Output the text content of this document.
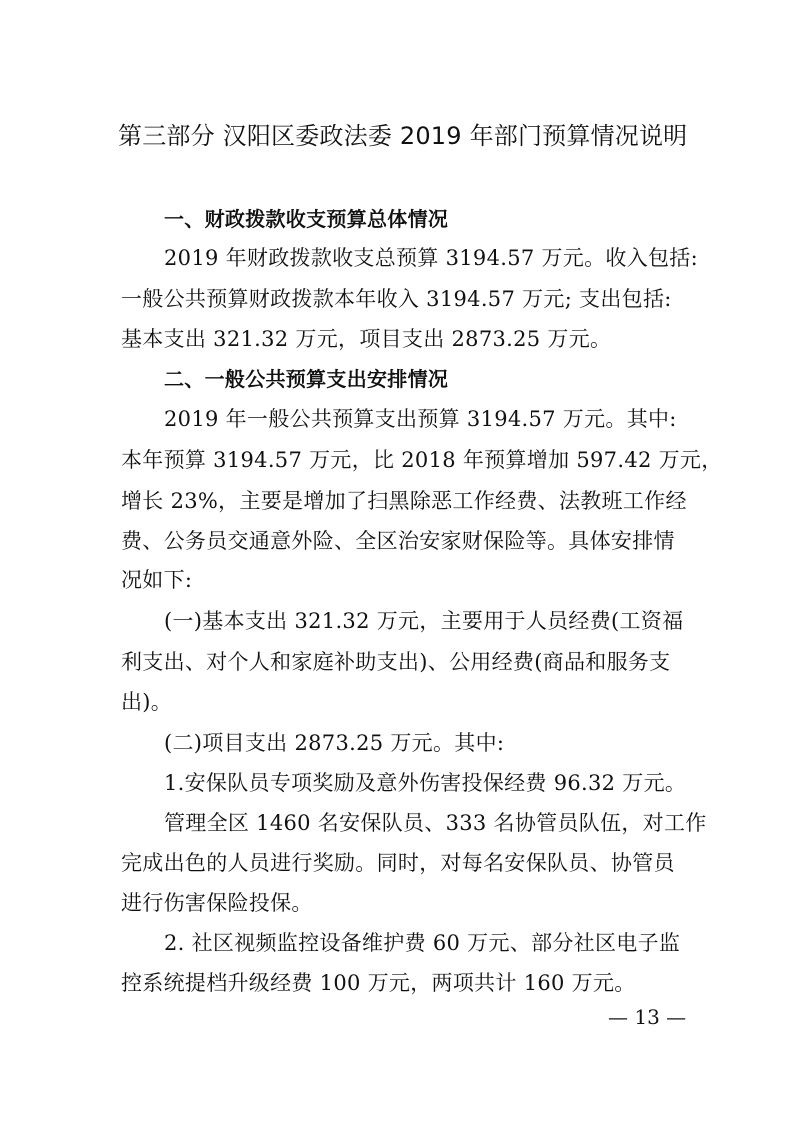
第三部分 汉阳区委政法委 2019 年部门预算情况说明
一、财政拨款收支预算总体情况
2019 年财政拨款收支总预算 3194.57 万元。收入包括:
一般公共预算财政拨款本年收入 3194.57 万元; 支出包括:
基本支出 321.32 万元，项目支出 2873.25 万元。
二、一般公共预算支出安排情况
2019 年一般公共预算支出预算 3194.57 万元。其中:
本年预算 3194.57 万元，比 2018 年预算增加 597.42 万元，
增长 23%，主要是增加了扫黑除恶工作经费、法教班工作经
费、公务员交通意外险、全区治安家财保险等。具体安排情
况如下:
(一)基本支出 321.32 万元，主要用于人员经费(工资福
利支出、对个人和家庭补助支出)、公用经费(商品和服务支
出)。
(二)项目支出 2873.25 万元。其中:
1.安保队员专项奖励及意外伤害投保经费 96.32 万元。
管理全区 1460 名安保队员、333 名协管员队伍，对工作
完成出色的人员进行奖励。同时，对每名安保队员、协管员
进行伤害保险投保。
2. 社区视频监控设备维护费 60 万元、部分社区电子监
控系统提档升级经费 100 万元，两项共计 160 万元。
— 13 —
